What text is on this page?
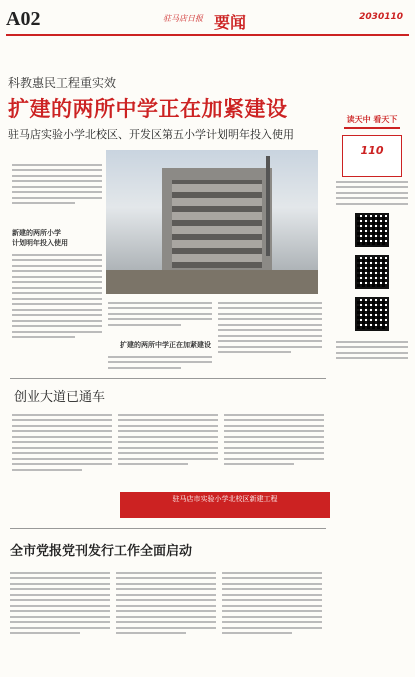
A02	驻马店日报 要闻	2030110
科教惠民工程重实效
扩建的两所中学正在加紧建设
驻马店实验小学北校区、开发区第五小学计划明年投入使用
新建的两所小学
计划明年投入使用
扩建的两所中学正在加紧建设
创业大道已通车
驻马店市实验小学北校区新建工程
全市党报党刊发行工作全面启动
读天中 看天下
110
